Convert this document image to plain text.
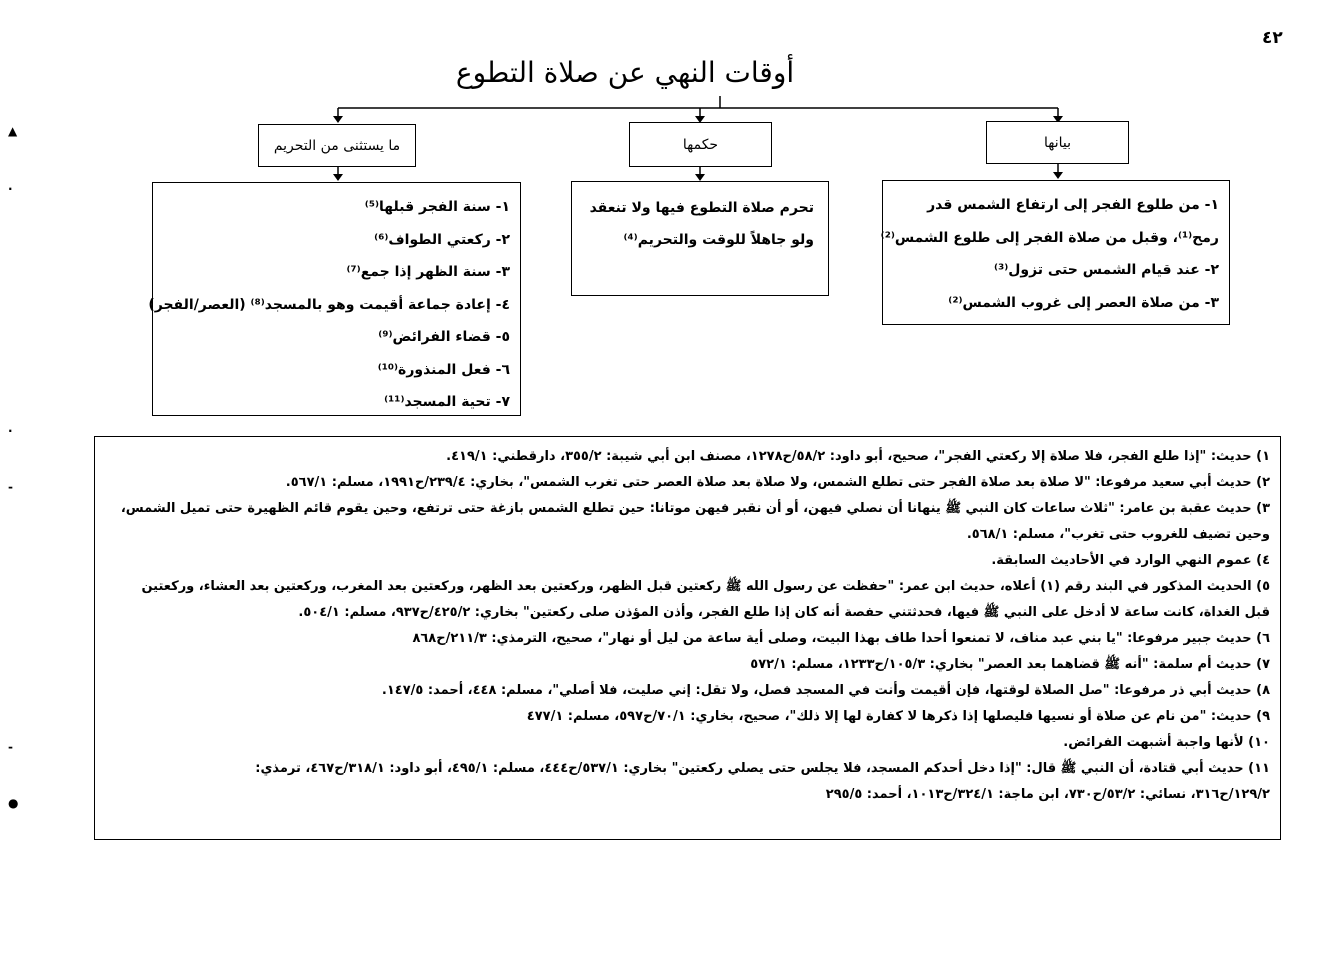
٤٢
أوقات النهي عن صلاة التطوع
ما يستثنى من التحريم	حكمها	بيانها
١- من طلوع الفجر إلى ارتفاع الشمس قدر
رمح⁽¹⁾، وقبل من صلاة الفجر إلى طلوع الشمس⁽²⁾
٢- عند قيام الشمس حتى تزول⁽³⁾
٣- من صلاة العصر إلى غروب الشمس⁽²⁾
تحرم صلاة التطوع فيها ولا تنعقد
ولو جاهلاً للوقت والتحريم⁽⁴⁾
١- سنة الفجر قبلها⁽⁵⁾
٢- ركعتي الطواف⁽⁶⁾
٣- سنة الظهر إذا جمع⁽⁷⁾
٤- إعادة جماعة أقيمت وهو بالمسجد⁽⁸⁾ (العصر/الفجر)
٥- قضاء الفرائض⁽⁹⁾
٦- فعل المنذورة⁽¹⁰⁾
٧- تحية المسجد⁽¹¹⁾
١) حديث: "إذا طلع الفجر، فلا صلاة إلا ركعتي الفجر"، صحيح، أبو داود: ٥٨/٢/ح١٢٧٨، مصنف ابن أبي شيبة: ٣٥٥/٢، دارقطني: ٤١٩/١.
٢) حديث أبي سعيد مرفوعا: "لا صلاة بعد صلاة الفجر حتى تطلع الشمس، ولا صلاة بعد صلاة العصر حتى تغرب الشمس"، بخاري: ٢٣٩/٤/ح١٩٩١، مسلم: ٥٦٧/١.
٣) حديث عقبة بن عامر: "ثلاث ساعات كان النبي ﷺ ينهانا أن نصلي فيهن، أو أن نقبر فيهن موتانا: حين تطلع الشمس بازغة حتى ترتفع، وحين يقوم قائم الظهيرة حتى تميل الشمس،
وحين تضيف للغروب حتى تغرب"، مسلم: ٥٦٨/١.
٤) عموم النهي الوارد في الأحاديث السابقة.
٥) الحديث المذكور في البند رقم (١) أعلاه، حديث ابن عمر: "حفظت عن رسول الله ﷺ ركعتين قبل الظهر، وركعتين بعد الظهر، وركعتين بعد المغرب، وركعتين بعد العشاء، وركعتين
قبل الغداة، كانت ساعة لا أدخل على النبي ﷺ فيها، فحدثتني حفصة أنه كان إذا طلع الفجر، وأذن المؤذن صلى ركعتين" بخاري: ٤٢٥/٢/ح٩٣٧، مسلم: ٥٠٤/١.
٦) حديث جبير مرفوعا: "يا بني عبد مناف، لا تمنعوا أحدا طاف بهذا البيت، وصلى أية ساعة من ليل أو نهار"، صحيح، الترمذي: ٢١١/٣/ح٨٦٨
٧) حديث أم سلمة: "أنه ﷺ قضاهما بعد العصر" بخاري: ١٠٥/٣/ح١٢٣٣، مسلم: ٥٧٢/١
٨) حديث أبي ذر مرفوعا: "صل الصلاة لوقتها، فإن أقيمت وأنت في المسجد فصل، ولا تقل: إني صليت، فلا أصلي"، مسلم: ٤٤٨، أحمد: ١٤٧/٥.
٩) حديث: "من نام عن صلاة أو نسيها فليصلها إذا ذكرها لا كفارة لها إلا ذلك"، صحيح، بخاري: ٧٠/١/ح٥٩٧، مسلم: ٤٧٧/١
١٠) لأنها واجبة أشبهت الفرائض.
١١) حديث أبي قتادة، أن النبي ﷺ قال: "إذا دخل أحدكم المسجد، فلا يجلس حتى يصلي ركعتين" بخاري: ٥٣٧/١/ح٤٤٤، مسلم: ٤٩٥/١، أبو داود: ٣١٨/١/ح٤٦٧، ترمذي:
١٢٩/٢/ح٣١٦، نسائي: ٥٣/٢/ح٧٣٠، ابن ماجة: ٣٢٤/١/ح١٠١٣، أحمد: ٢٩٥/٥
▲
·
·
-
-
●
